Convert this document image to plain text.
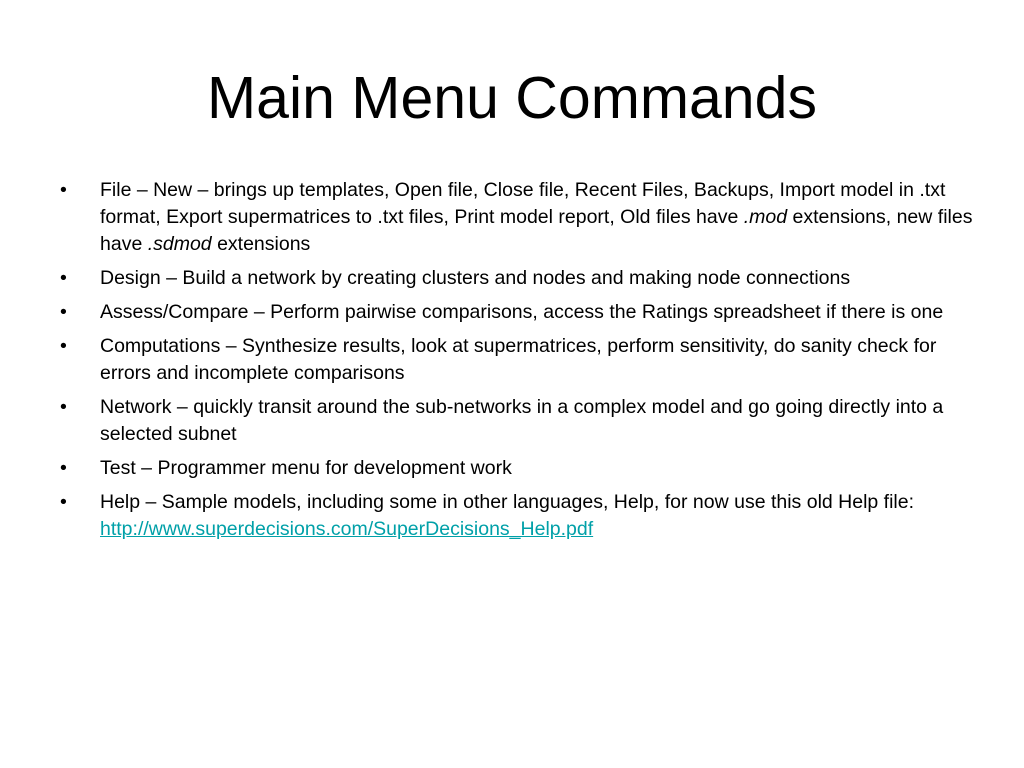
Main Menu Commands
•	File – New – brings up templates, Open file, Close file, Recent Files, Backups, Import model in .txt format, Export supermatrices to .txt files, Print model report, Old files have .mod extensions, new files have .sdmod extensions
•	Design – Build a network by creating clusters and nodes and making node connections
•	Assess/Compare – Perform pairwise comparisons, access the Ratings spreadsheet if there is one
•	Computations – Synthesize results, look at supermatrices, perform sensitivity, do sanity check for errors and incomplete comparisons
•	Network – quickly transit around the sub-networks in a complex model and go going directly into a selected subnet
•	Test – Programmer menu for development work
•	Help – Sample models, including some in other languages, Help, for now use this old Help file: http://www.superdecisions.com/SuperDecisions_Help.pdf
